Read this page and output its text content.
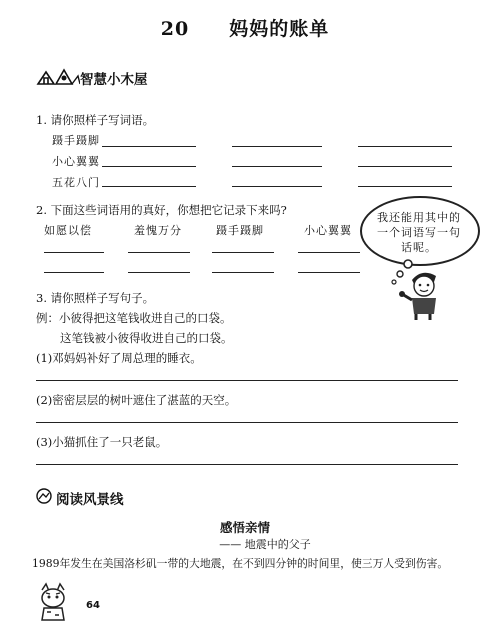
20 妈妈的账单
智慧小木屋
1. 请你照样子写词语。
蹑手蹑脚
小心翼翼
五花八门
2. 下面这些词语用的真好，你想把它记录下来吗?
如愿以偿	羞愧万分	蹑手蹑脚	小心翼翼
我还能用其中的一个词语写一句话呢。
3. 请你照样子写句子。
例：小彼得把这笔钱收进自己的口袋。
这笔钱被小彼得收进自己的口袋。
(1)邓妈妈补好了周总理的睡衣。
(2)密密层层的树叶遮住了湛蓝的天空。
(3)小猫抓住了一只老鼠。
阅读风景线
感悟亲情
—— 地震中的父子
1989年发生在美国洛杉矶一带的大地震，在不到四分钟的时间里，使三万人受到伤害。
64
